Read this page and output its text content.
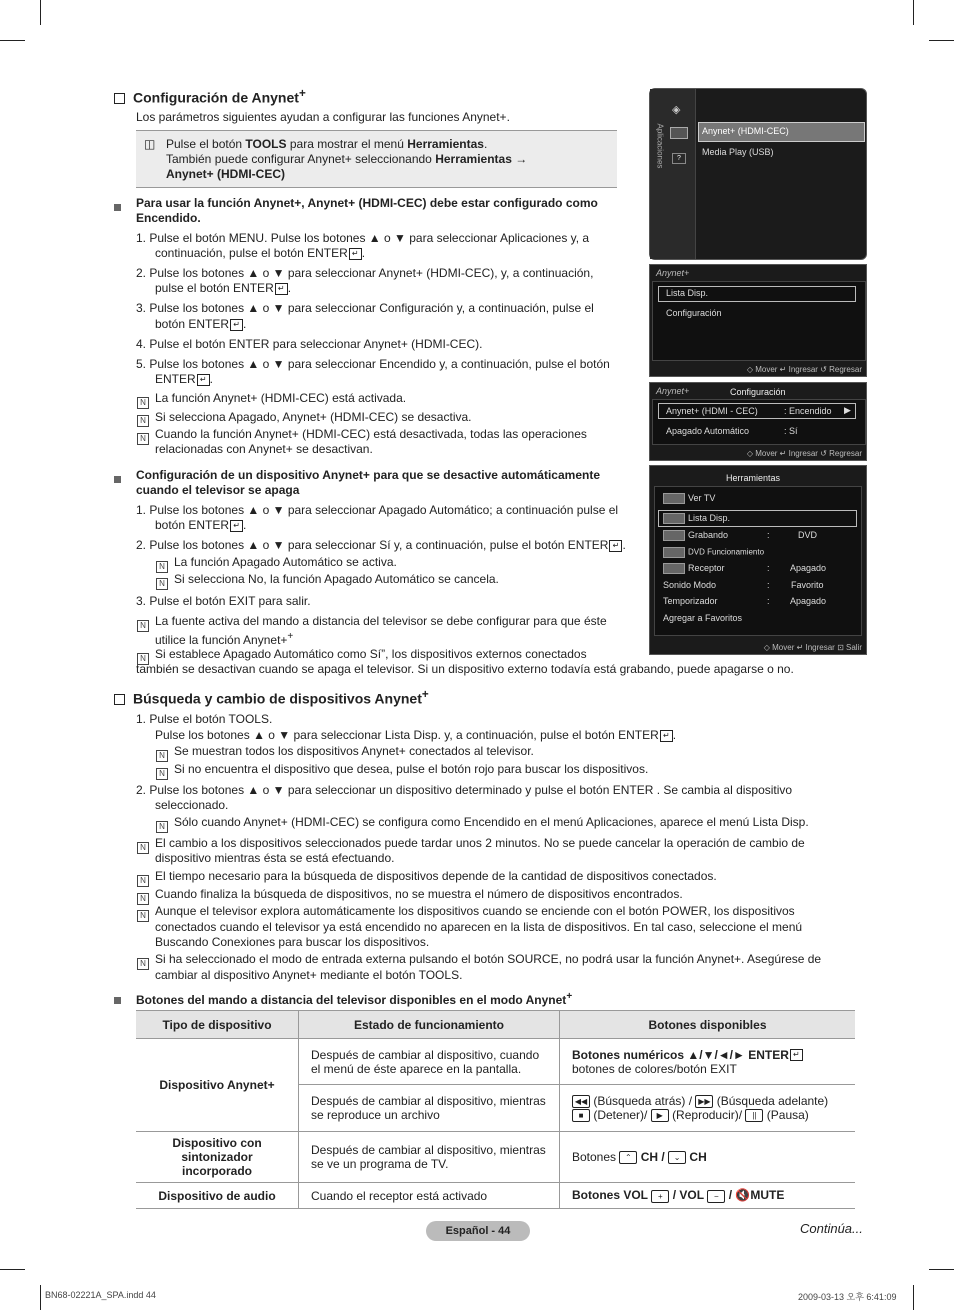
Configuración de Anynet+
Los parámetros siguientes ayudan a configurar las funciones Anynet+.
◫ Pulse el botón TOOLS para mostrar el menú Herramientas.
También puede configurar Anynet+ seleccionando Herramientas →
Anynet+ (HDMI-CEC)
Para usar la función Anynet+, Anynet+ (HDMI-CEC) debe estar configurado como
Encendido.
1. Pulse el botón MENU. Pulse los botones ▲ o ▼ para seleccionar Aplicaciones y, a
continuación, pulse el botón ENTER ↵ .
2. Pulse los botones ▲ o ▼ para seleccionar Anynet+ (HDMI-CEC), y, a continuación,
pulse el botón ENTER ↵ .
3. Pulse los botones ▲ o ▼ para seleccionar Configuración y, a continuación, pulse el
botón ENTER ↵ .
4. Pulse el botón ENTER para seleccionar Anynet+ (HDMI-CEC).
5. Pulse los botones ▲ o ▼ para seleccionar Encendido y, a continuación, pulse el botón
ENTER ↵ .
N La función Anynet+ (HDMI-CEC) está activada.
N Si selecciona Apagado, Anynet+ (HDMI-CEC) se desactiva.
N Cuando la función Anynet+ (HDMI-CEC) está desactivada, todas las operaciones
relacionadas con Anynet+ se desactivan.
Configuración de un dispositivo Anynet+ para que se desactive automáticamente
cuando el televisor se apaga
1. Pulse los botones ▲ o ▼ para seleccionar Apagado Automático; a continuación pulse el
botón ENTER ↵ .
2. Pulse los botones ▲ o ▼ para seleccionar Sí y, a continuación, pulse el botón ENTER ↵ .
N La función Apagado Automático se activa.
N Si selecciona No, la función Apagado Automático se cancela.
3. Pulse el botón EXIT para salir.
N La fuente activa del mando a distancia del televisor se debe configurar para que éste
utilice la función Anynet++
N Si establece Apagado Automático como Sí”, los dispositivos externos conectados
también se desactivan cuando se apaga el televisor. Si un dispositivo externo todavía está grabando, puede apagarse o no.
Búsqueda y cambio de dispositivos Anynet+
1. Pulse el botón TOOLS.
Pulse los botones ▲ o ▼ para seleccionar Lista Disp. y, a continuación, pulse el botón ENTER ↵ .
N Se muestran todos los dispositivos Anynet+ conectados al televisor.
N Si no encuentra el dispositivo que desea, pulse el botón rojo para buscar los dispositivos.
2. Pulse los botones ▲ o ▼ para seleccionar un dispositivo determinado y pulse el botón ENTER . Se cambia al dispositivo
seleccionado.
N Sólo cuando Anynet+ (HDMI-CEC) se configura como Encendido en el menú Aplicaciones, aparece el menú Lista Disp.
N El cambio a los dispositivos seleccionados puede tardar unos 2 minutos. No se puede cancelar la operación de cambio de
dispositivo mientras ésta se está efectuando.
N El tiempo necesario para la búsqueda de dispositivos depende de la cantidad de dispositivos conectados.
N Cuando finaliza la búsqueda de dispositivos, no se muestra el número de dispositivos encontrados.
N Aunque el televisor explora automáticamente los dispositivos cuando se enciende con el botón POWER, los dispositivos
conectados cuando el televisor ya está encendido no aparecen en la lista de dispositivos. En tal caso, seleccione el menú
Buscando Conexiones para buscar los dispositivos.
N Si ha seleccionado el modo de entrada externa pulsando el botón SOURCE, no podrá usar la función Anynet+. Asegúrese de
cambiar al dispositivo Anynet+ mediante el botón TOOLS.
Botones del mando a distancia del televisor disponibles en el modo Anynet+
Tipo de dispositivo	Estado de funcionamiento	Botones disponibles
Dispositivo Anynet+	Después de cambiar al dispositivo, cuando el menú de éste aparece en la pantalla.	Botones numéricos ▲/▼/◄/► ENTER ↵
botones de colores/botón EXIT
	Después de cambiar al dispositivo, mientras se reproduce un archivo	◀◀ (Búsqueda atrás) / ▶▶ (Búsqueda adelante)
■ (Detener)/ ▶ (Reproducir)/ || (Pausa)
Dispositivo con sintonizador incorporado	Después de cambiar al dispositivo, mientras se ve un programa de TV.	Botones ⌃ CH / ⌄ CH
Dispositivo de audio	Cuando el receptor está activado	Botones VOL + / VOL − / 🔇MUTE
Aplicaciones
◈
?
Anynet+ (HDMI-CEC)
Media Play (USB)
Anynet+
Lista Disp.
Configuración
◇ Mover ↵ Ingresar ↺ Regresar
Anynet+	Configuración
Anynet+ (HDMI - CEC)	: Encendido ▶
Apagado Automático	: Sí
◇ Mover ↵ Ingresar ↺ Regresar
Herramientas
Ver TV
Lista Disp.
Grabando	:	DVD
DVD Funcionamiento
Receptor	: Apagado
Sonido Modo	: Favorito
Temporizador	: Apagado
Agregar a Favoritos
◇ Mover ↵ Ingresar ⊡ Salir
Continúa...
Español - 44
BN68-02221A_SPA.indd 44	2009-03-13 오후 6:41:09
